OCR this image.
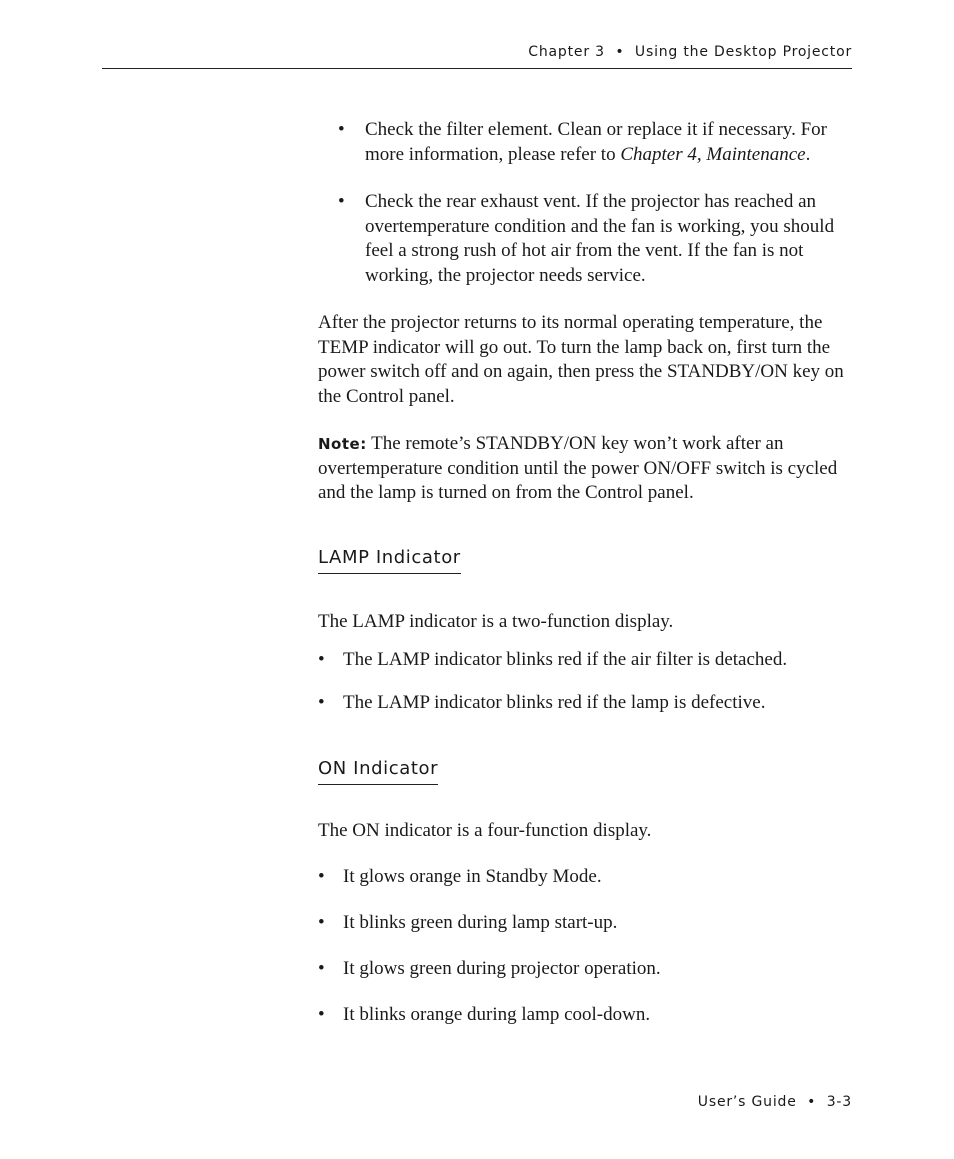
Chapter 3 • Using the Desktop Projector
•	Check the filter element. Clean or replace it if necessary. For more information, please refer to Chapter 4, Maintenance.
•	Check the rear exhaust vent. If the projector has reached an overtemperature condition and the fan is working, you should feel a strong rush of hot air from the vent. If the fan is not working, the projector needs service.

After the projector returns to its normal operating temperature, the TEMP indicator will go out. To turn the lamp back on, first turn the power switch off and on again, then press the STANDBY/ON key on the Control panel.

Note: The remote’s STANDBY/ON key won’t work after an overtemperature condition until the power ON/OFF switch is cycled and the lamp is turned on from the Control panel.

LAMP Indicator

The LAMP indicator is a two-function display.

• The LAMP indicator blinks red if the air filter is detached.
• The LAMP indicator blinks red if the lamp is defective.
ON Indicator

The ON indicator is a four-function display.

• It glows orange in Standby Mode.
• It blinks green during lamp start-up.
• It glows green during projector operation.
• It blinks orange during lamp cool-down.
User’s Guide • 3-3
